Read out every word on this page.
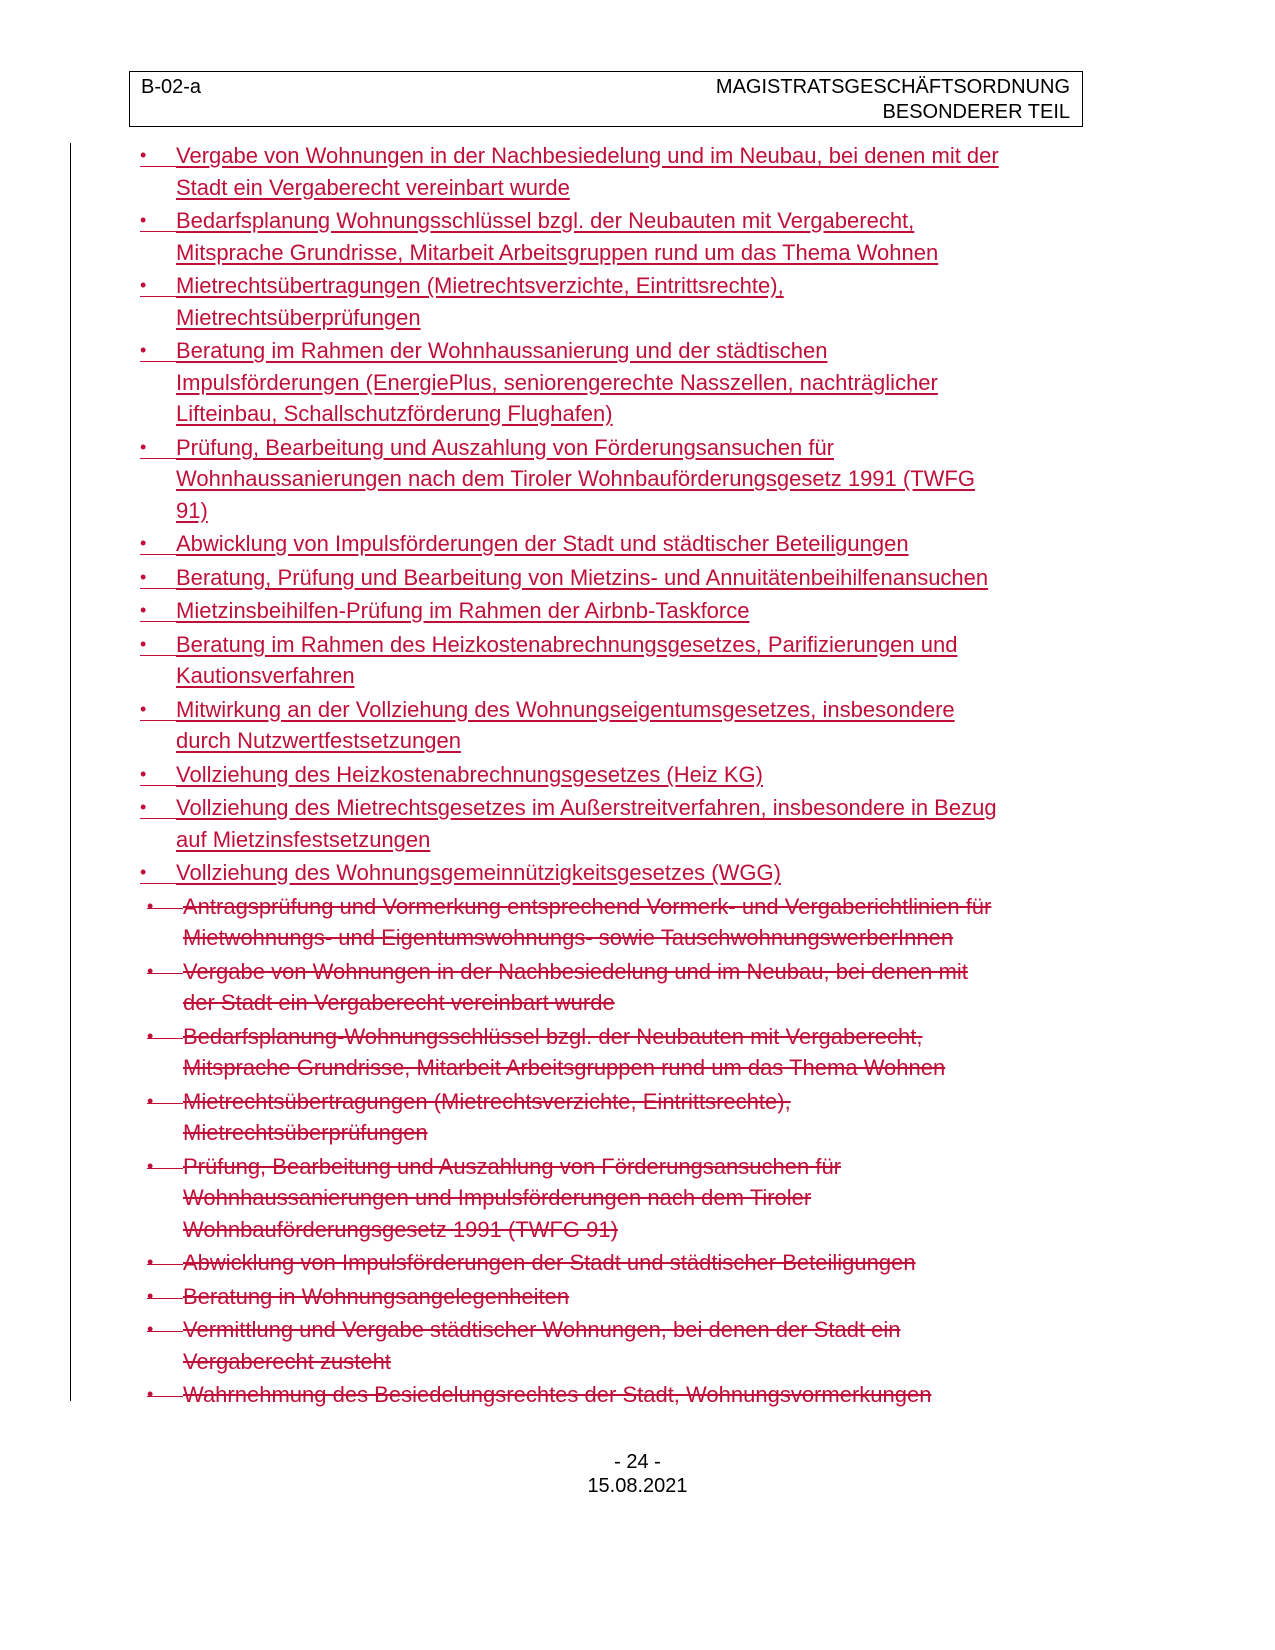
B-02-a	MAGISTRATSGESCHÄFTSORDNUNG
BESONDERER TEIL
• Vergabe von Wohnungen in der Nachbesiedelung und im Neubau, bei denen mit der
Stadt ein Vergaberecht vereinbart wurde
• Bedarfsplanung Wohnungsschlüssel bzgl. der Neubauten mit Vergaberecht,
Mitsprache Grundrisse, Mitarbeit Arbeitsgruppen rund um das Thema Wohnen
• Mietrechtsübertragungen (Mietrechtsverzichte, Eintrittsrechte),
Mietrechtsüberprüfungen
• Beratung im Rahmen der Wohnhaussanierung und der städtischen
Impulsförderungen (EnergiePlus, seniorengerechte Nasszellen, nachträglicher
Lifteinbau, Schallschutzförderung Flughafen)
• Prüfung, Bearbeitung und Auszahlung von Förderungsansuchen für
Wohnhaussanierungen nach dem Tiroler Wohnbauförderungsgesetz 1991 (TWFG
91)
• Abwicklung von Impulsförderungen der Stadt und städtischer Beteiligungen
• Beratung, Prüfung und Bearbeitung von Mietzins- und Annuitätenbeihilfenansuchen
• Mietzinsbeihilfen-Prüfung im Rahmen der Airbnb-Taskforce
• Beratung im Rahmen des Heizkostenabrechnungsgesetzes, Parifizierungen und
Kautionsverfahren
• Mitwirkung an der Vollziehung des Wohnungseigentumsgesetzes, insbesondere
durch Nutzwertfestsetzungen
• Vollziehung des Heizkostenabrechnungsgesetzes (Heiz KG)
• Vollziehung des Mietrechtsgesetzes im Außerstreitverfahren, insbesondere in Bezug
auf Mietzinsfestsetzungen
• Vollziehung des Wohnungsgemeinnützigkeitsgesetzes (WGG)
• Antragsprüfung und Vormerkung entsprechend Vormerk- und Vergaberichtlinien für
Mietwohnungs- und Eigentumswohnungs- sowie TauschwohnungswerberInnen
• Vergabe von Wohnungen in der Nachbesiedelung und im Neubau, bei denen mit
der Stadt ein Vergaberecht vereinbart wurde
• Bedarfsplanung-Wohnungsschlüssel bzgl. der Neubauten mit Vergaberecht,
Mitsprache Grundrisse, Mitarbeit Arbeitsgruppen rund um das Thema Wohnen
• Mietrechtsübertragungen (Mietrechtsverzichte, Eintrittsrechte),
Mietrechtsüberprüfungen
• Prüfung, Bearbeitung und Auszahlung von Förderungsansuchen für
Wohnhaussanierungen und Impulsförderungen nach dem Tiroler
Wohnbauförderungsgesetz 1991 (TWFG 91)
• Abwicklung von Impulsförderungen der Stadt und städtischer Beteiligungen
• Beratung in Wohnungsangelegenheiten
• Vermittlung und Vergabe städtischer Wohnungen, bei denen der Stadt ein
Vergaberecht zusteht
• Wahrnehmung des Besiedelungsrechtes der Stadt, Wohnungsvormerkungen
- 24 -
15.08.2021
